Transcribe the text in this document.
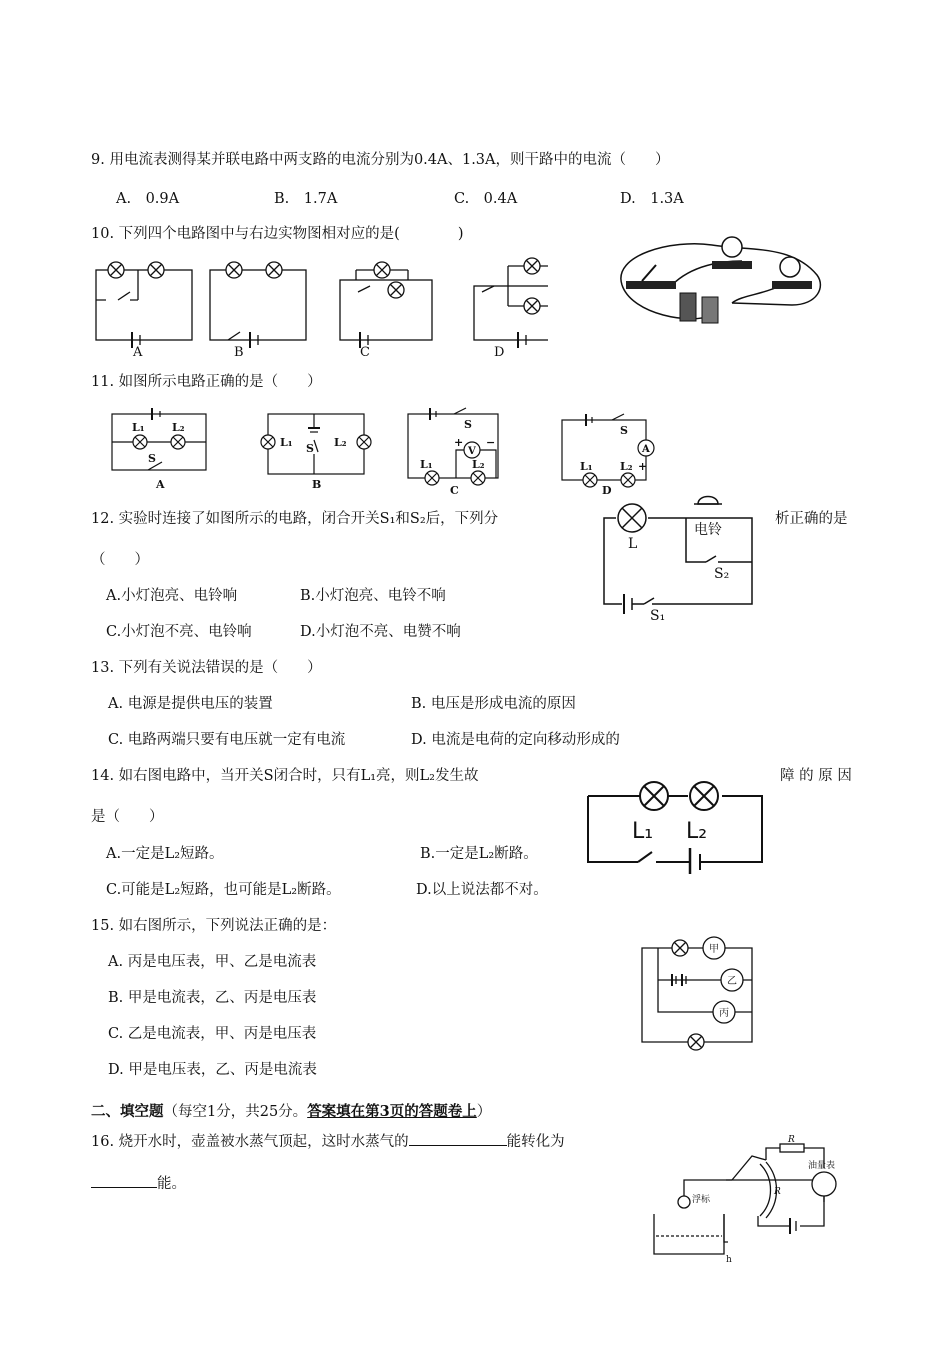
9. 用电流表测得某并联电路中两支路的电流分别为0.4A、1.3A，则干路中的电流（　　）
A.　0.9A	B.　1.7A	C.　0.4A	D.　1.3A
10. 下列四个电路图中与右边实物图相对应的是(　　　　)
A	B	C	D
11. 如图所示电路正确的是（　　）
L₁ L₂
S
A
L₁ S L₂
B
S
V
+ −
L₁	L₂
C
S
A
+
L₁ L₂
D
12. 实验时连接了如图所示的电路，闭合开关S₁和S₂后，下列分	析正确的是
（　　）
A.小灯泡亮、电铃响	B.小灯泡亮、电铃不响
C.小灯泡不亮、电铃响	D.小灯泡不亮、电赞不响
电铃
L
S₂
S₁
13. 下列有关说法错误的是（　　）
A. 电源是提供电压的装置	B. 电压是形成电流的原因
C. 电路两端只要有电压就一定有电流	D. 电流是电荷的定向移动形成的
14. 如右图电路中，当开关S闭合时，只有L₁亮，则L₂发生故	障 的 原 因
是（　　）
A.一定是L₂短路。	B.一定是L₂断路。
C.可能是L₂短路，也可能是L₂断路。	D.以上说法都不对。
L₁ L₂
15. 如右图所示，下列说法正确的是：
A. 丙是电压表，甲、乙是电流表
B. 甲是电流表，乙、丙是电压表
C. 乙是电流表，甲、丙是电压表
D. 甲是电压表，乙、丙是电流表
甲
乙
丙
二、填空题（每空1分，共25分。答案填在第3页的答题卷上）
16. 烧开水时，壶盖被水蒸气顶起，这时水蒸气的	能转化为
能。
R
R
油量表
浮标
h
